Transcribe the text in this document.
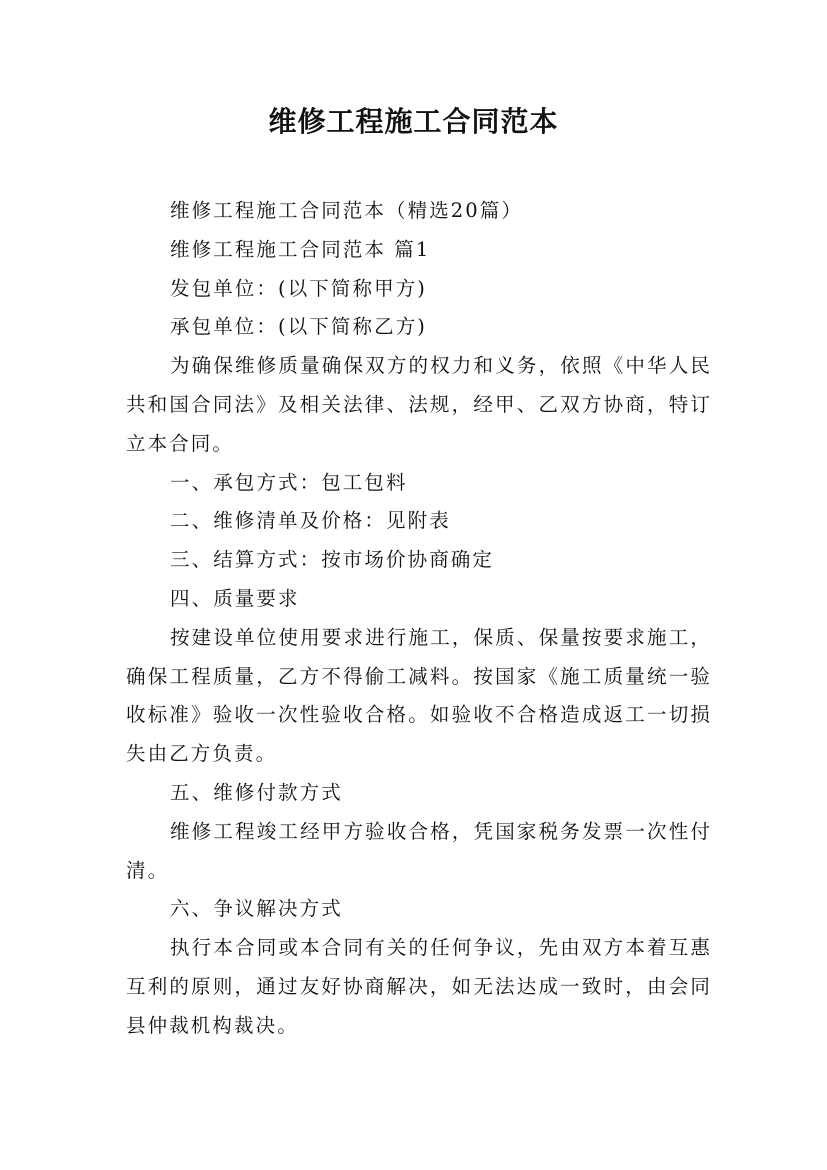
维修工程施工合同范本

维修工程施工合同范本（精选20篇）

维修工程施工合同范本 篇1

发包单位：(以下简称甲方)

承包单位：(以下简称乙方)

为确保维修质量确保双方的权力和义务，依照《中华人民共和国合同法》及相关法律、法规，经甲、乙双方协商，特订立本合同。

一、承包方式：包工包料

二、维修清单及价格：见附表

三、结算方式：按市场价协商确定

四、质量要求

按建设单位使用要求进行施工，保质、保量按要求施工，确保工程质量，乙方不得偷工减料。按国家《施工质量统一验收标准》验收一次性验收合格。如验收不合格造成返工一切损失由乙方负责。

五、维修付款方式

维修工程竣工经甲方验收合格，凭国家税务发票一次性付清。

六、争议解决方式

执行本合同或本合同有关的任何争议，先由双方本着互惠互利的原则，通过友好协商解决，如无法达成一致时，由会同县仲裁机构裁决。
